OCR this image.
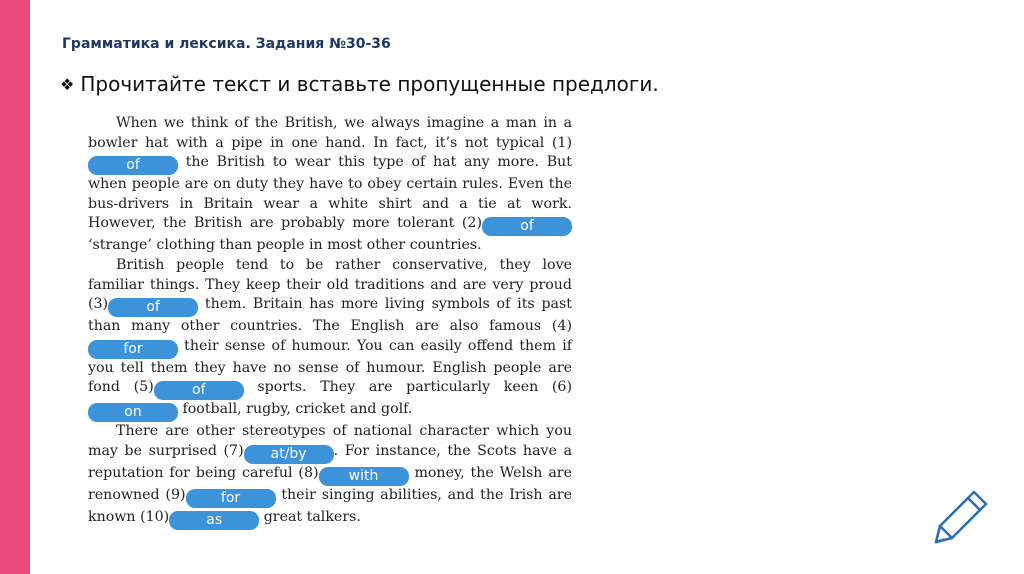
Грамматика и лексика. Задания №30-36
❖ Прочитайте текст и вставьте пропущенные предлоги.

When we think of the British, we always imagine a man in a bowler hat with a pipe in one hand. In fact, it’s not typical (1)of	the British to wear this type of hat any more. But when people are on duty they have to obey certain rules. Even the bus-drivers in Britain wear a white shirt and a tie at work. However, the British are probably more tolerant (2)	of ‘strange’ clothing than people in most other countries.

British people tend to be rather conservative, they love familiar things. They keep their old traditions and are very proud (3)	of	them. Britain has more living symbols of its past than many other countries. The English are also famous (4)for their sense of humour. You can easily offend them if you tell them they have no sense of humour. English people are fond (5)	of	sports. They are particularly keen (6)on	football, rugby, cricket and golf.

There are other stereotypes of national character which you may be surprised (7) at/by . For instance, the Scots have a reputation for being careful (8) with money, the Welsh are renowned (9)	for their singing abilities, and the Irish are known (10)	as	great talkers.
